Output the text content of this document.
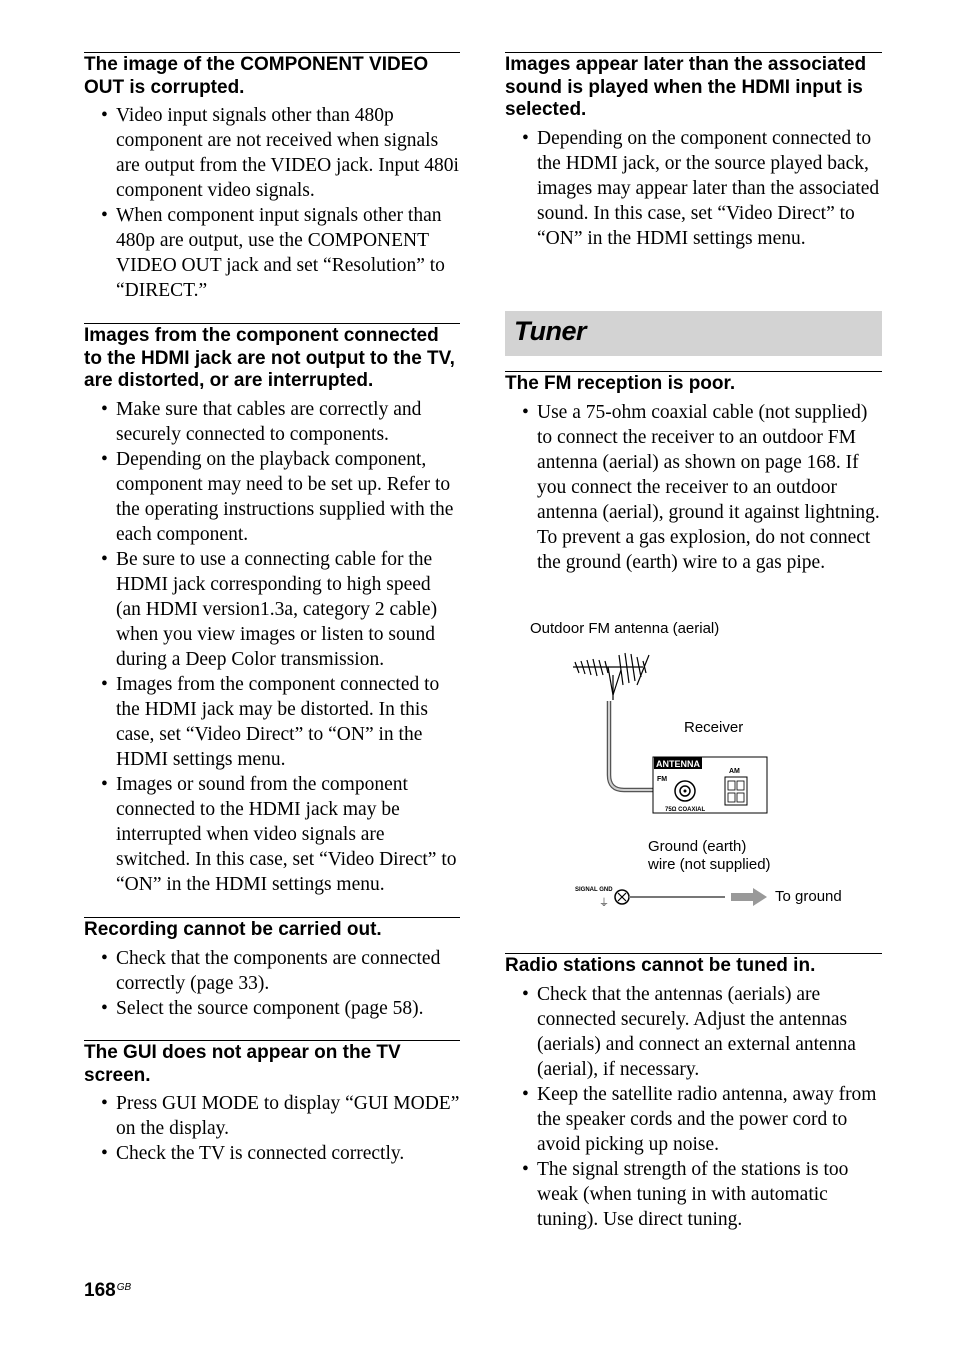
The image of the COMPONENT VIDEO OUT is corrupted.
• Video input signals other than 480p component are not received when signals are output from the VIDEO jack. Input 480i component video signals.
• When component input signals other than 480p are output, use the COMPONENT VIDEO OUT jack and set “Resolution” to “DIRECT.”
Images from the component connected to the HDMI jack are not output to the TV, are distorted, or are interrupted.
• Make sure that cables are correctly and securely connected to components.
• Depending on the playback component, component may need to be set up. Refer to the operating instructions supplied with the each component.
• Be sure to use a connecting cable for the HDMI jack corresponding to high speed (an HDMI version1.3a, category 2 cable) when you view images or listen to sound during a Deep Color transmission.
• Images from the component connected to the HDMI jack may be distorted. In this case, set “Video Direct” to “ON” in the HDMI settings menu.
• Images or sound from the component connected to the HDMI jack may be interrupted when video signals are switched. In this case, set “Video Direct” to “ON” in the HDMI settings menu.
Recording cannot be carried out.
• Check that the components are connected correctly (page 33).
• Select the source component (page 58).
The GUI does not appear on the TV screen.
• Press GUI MODE to display “GUI MODE” on the display.
• Check the TV is connected correctly.
Images appear later than the associated sound is played when the HDMI input is selected.
• Depending on the component connected to the HDMI jack, or the source played back, images may appear later than the associated sound. In this case, set “Video Direct” to “ON” in the HDMI settings menu.
The FM reception is poor.
• Use a 75-ohm coaxial cable (not supplied) to connect the receiver to an outdoor FM antenna (aerial) as shown on page 168. If you connect the receiver to an outdoor antenna (aerial), ground it against lightning. To prevent a gas explosion, do not connect the ground (earth) wire to a gas pipe.
Radio stations cannot be tuned in.
• Check that the antennas (aerials) are connected securely. Adjust the antennas (aerials) and connect an external antenna (aerial), if necessary.
• Keep the satellite radio antenna, away from the speaker cords and the power cord to avoid picking up noise.
• The signal strength of the stations is too weak (when tuning in with automatic tuning). Use direct tuning.
Tuner
Outdoor FM antenna (aerial)
Receiver
Ground (earth)
wire (not supplied)
To ground
ANTENNA
FM
75Ω COAXIAL
AM
SIGNAL GND
⏚
$168^{GB}$
